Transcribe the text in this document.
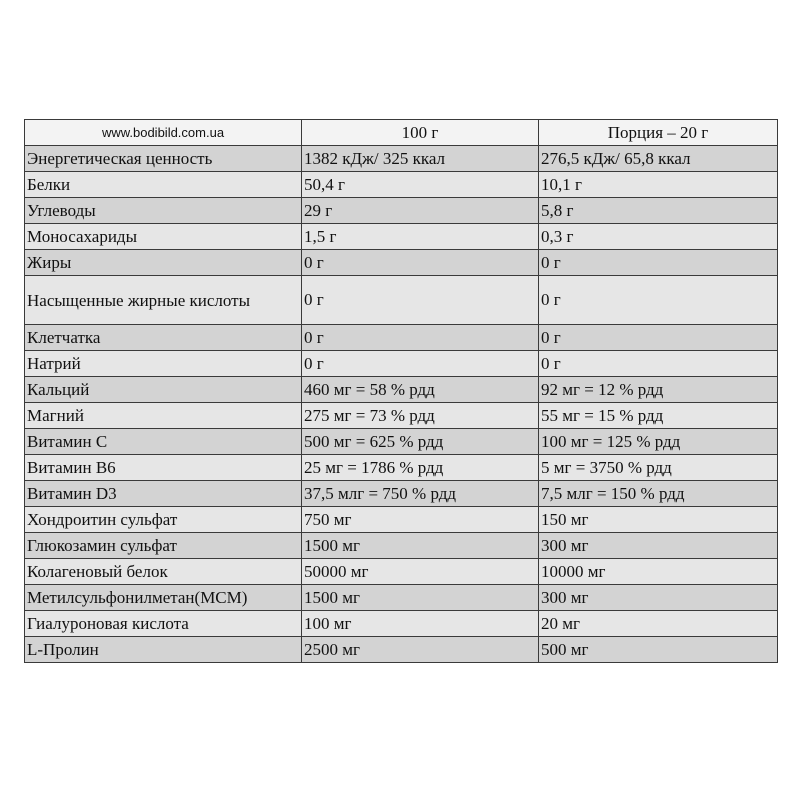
www.bodibild.com.ua	100 г	Порция – 20 г
Энергетическая ценность	1382 кДж/ 325 ккал	276,5 кДж/ 65,8 ккал
Белки	50,4 г	10,1 г
Углеводы	29 г	5,8 г
Моносахариды	1,5 г	0,3 г
Жиры	0 г	0 г
Насыщенные жирные кислоты	0 г	0 г
Клетчатка	0 г	0 г
Натрий	0 г	0 г
Кальций	460 мг = 58 % рдд	92 мг = 12 % рдд
Магний	275 мг = 73 % рдд	55 мг = 15 % рдд
Витамин С	500 мг = 625 % рдд	100 мг = 125 % рдд
Витамин В6	25 мг = 1786 % рдд	5 мг = 3750 % рдд
Витамин D3	37,5 млг = 750 % рдд	7,5 млг = 150 % рдд
Хондроитин сульфат	750 мг	150 мг
Глюкозамин сульфат	1500 мг	300 мг
Колагеновый белок	50000 мг	10000 мг
Метилсульфонилметан(МСМ)	1500 мг	300 мг
Гиалуроновая кислота	100 мг	20 мг
L-Пролин	2500 мг	500 мг
